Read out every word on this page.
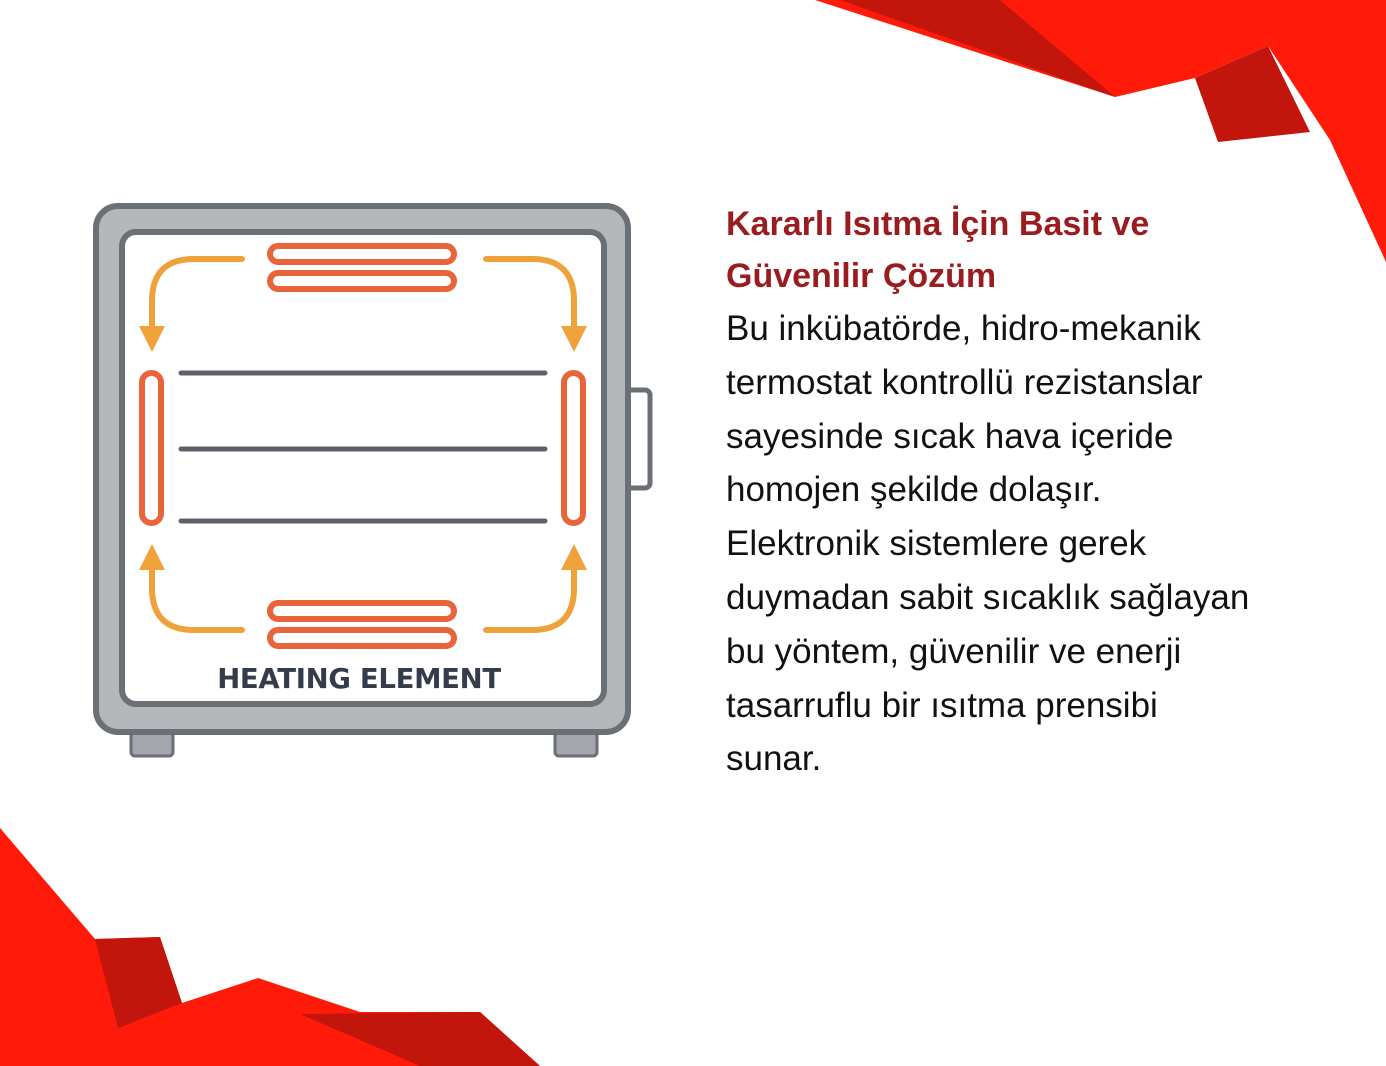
HEATING ELEMENT
Kararlı Isıtma İçin Basit ve
Güvenilir Çözüm

Bu inkübatörde, hidro-mekanik
termostat kontrollü rezistanslar
sayesinde sıcak hava içeride
homojen şekilde dolaşır.
Elektronik sistemlere gerek
duymadan sabit sıcaklık sağlayan
bu yöntem, güvenilir ve enerji
tasarruflu bir ısıtma prensibi
sunar.
